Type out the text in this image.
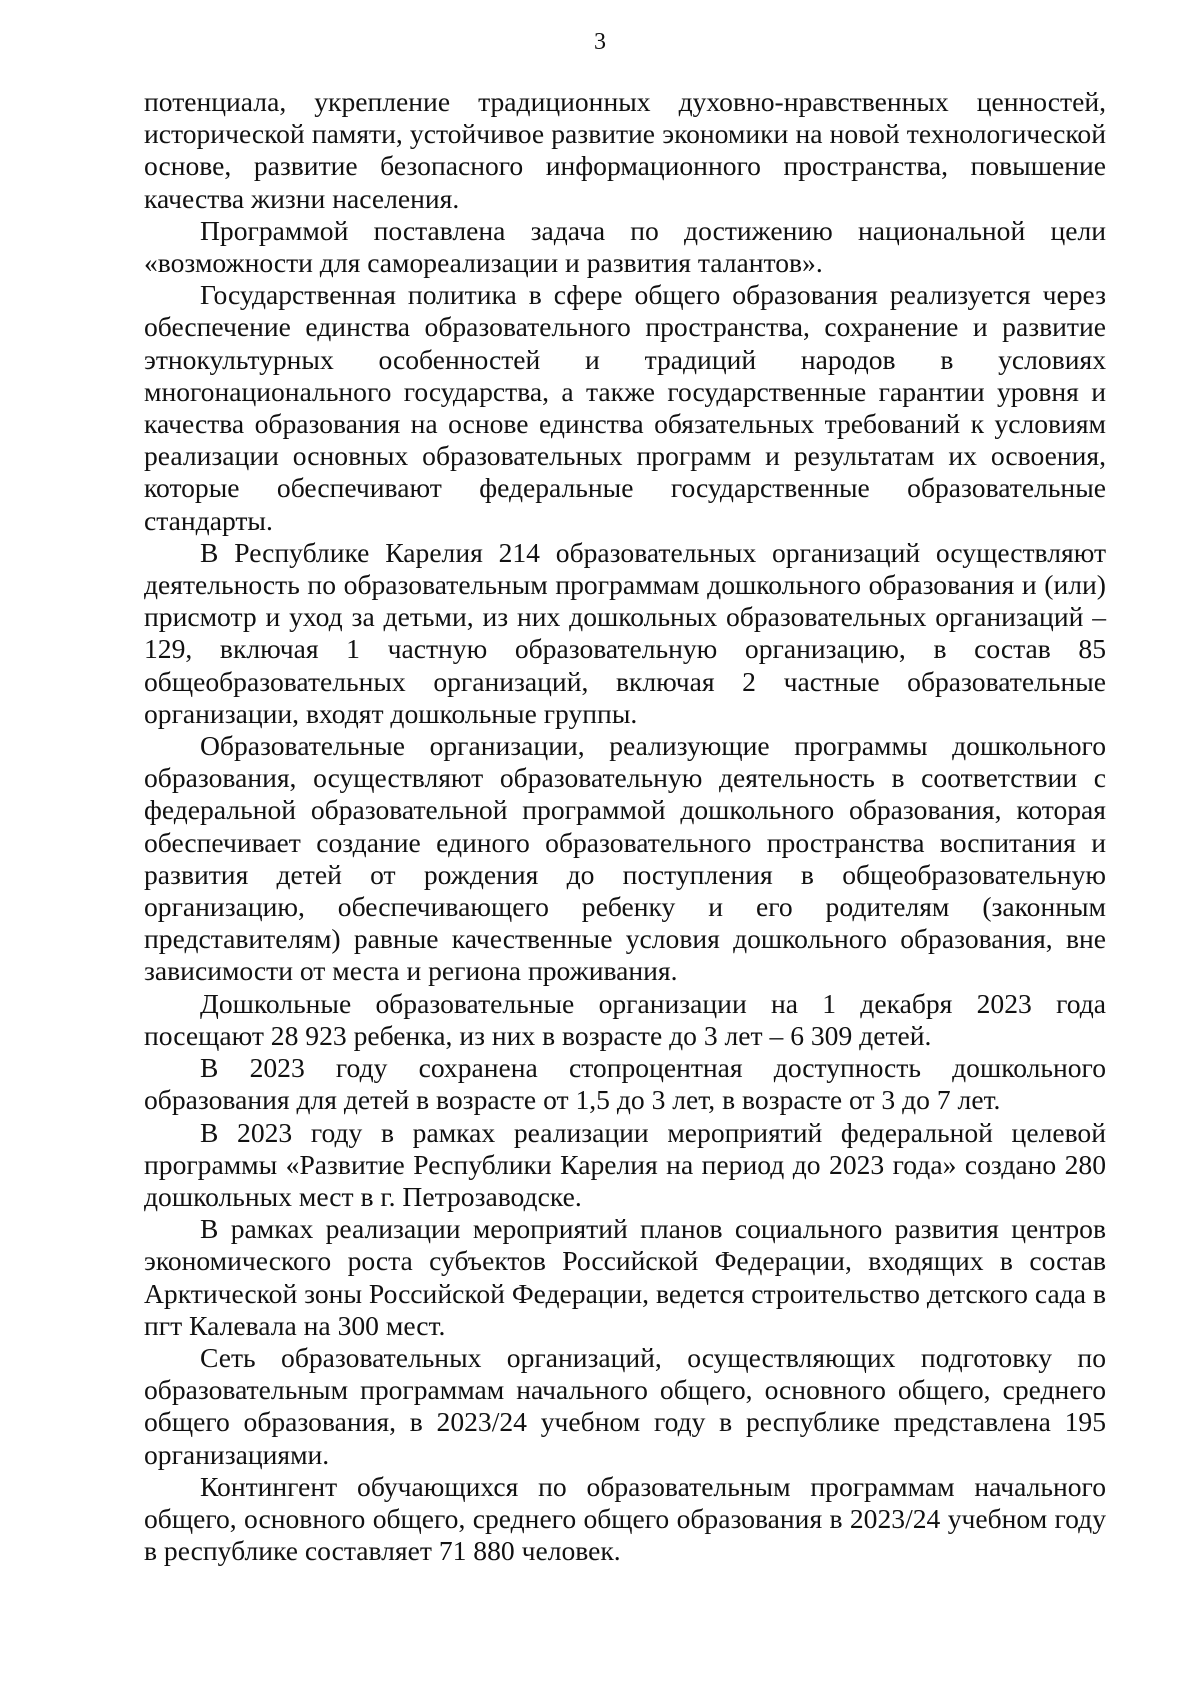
3

потенциала, укрепление традиционных духовно-нравственных ценностей, исторической памяти, устойчивое развитие экономики на новой технологической основе, развитие безопасного информационного пространства, повышение качества жизни населения.

Программой поставлена задача по достижению национальной цели «возможности для самореализации и развития талантов».

Государственная политика в сфере общего образования реализуется через обеспечение единства образовательного пространства, сохранение и развитие этнокультурных особенностей и традиций народов в условиях многонационального государства, а также государственные гарантии уровня и качества образования на основе единства обязательных требований к условиям реализации основных образовательных программ и результатам их освоения, которые обеспечивают федеральные государственные образовательные стандарты.

В Республике Карелия 214 образовательных организаций осуществляют деятельность по образовательным программам дошкольного образования и (или) присмотр и уход за детьми, из них дошкольных образовательных организаций – 129, включая 1 частную образовательную организацию, в состав 85 общеобразовательных организаций, включая 2 частные образовательные организации, входят дошкольные группы.

Образовательные организации, реализующие программы дошкольного образования, осуществляют образовательную деятельность в соответствии с федеральной образовательной программой дошкольного образования, которая обеспечивает создание единого образовательного пространства воспитания и развития детей от рождения до поступления в общеобразовательную организацию, обеспечивающего ребенку и его родителям (законным представителям) равные качественные условия дошкольного образования, вне зависимости от места и региона проживания.

Дошкольные образовательные организации на 1 декабря 2023 года посещают 28 923 ребенка, из них в возрасте до 3 лет – 6 309 детей.

В 2023 году сохранена стопроцентная доступность дошкольного образования для детей в возрасте от 1,5 до 3 лет, в возрасте от 3 до 7 лет.

В 2023 году в рамках реализации мероприятий федеральной целевой программы «Развитие Республики Карелия на период до 2023 года» создано 280 дошкольных мест в г. Петрозаводске.

В рамках реализации мероприятий планов социального развития центров экономического роста субъектов Российской Федерации, входящих в состав Арктической зоны Российской Федерации, ведется строительство детского сада в пгт Калевала на 300 мест.

Сеть образовательных организаций, осуществляющих подготовку по образовательным программам начального общего, основного общего, среднего общего образования, в 2023/24 учебном году в республике представлена 195 организациями.

Контингент обучающихся по образовательным программам начального общего, основного общего, среднего общего образования в 2023/24 учебном году в республике составляет 71 880 человек.
